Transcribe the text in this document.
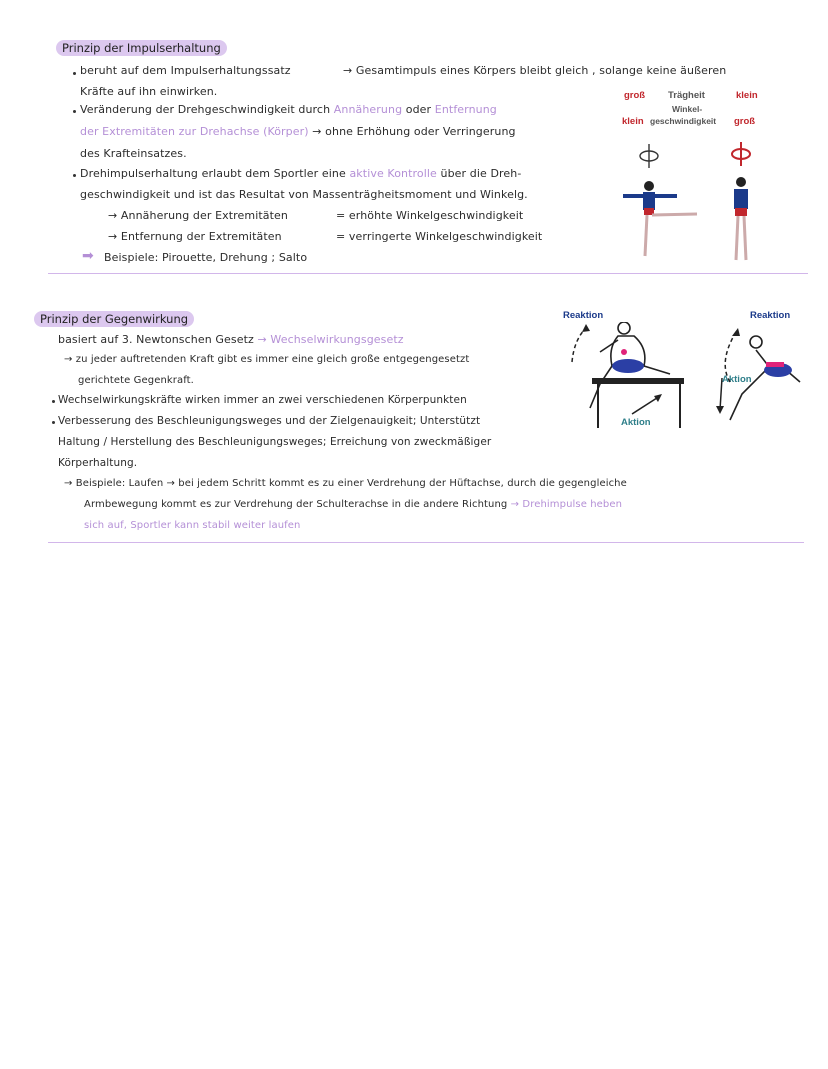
Prinzip der Impulserhaltung
beruht auf dem Impulserhaltungssatz	→ Gesamtimpuls eines Körpers bleibt gleich , solange keine äußeren
Kräfte auf ihn einwirken.
Veränderung der Drehgeschwindigkeit durch Annäherung oder Entfernung
der Extremitäten zur Drehachse (Körper) → ohne Erhöhung oder Verringerung
des Krafteinsatzes.
Drehimpulserhaltung erlaubt dem Sportler eine aktive Kontrolle über die Dreh-
geschwindigkeit und ist das Resultat von Massenträgheitsmoment und Winkelg.
→ Annäherung der Extremitäten	= erhöhte Winkelgeschwindigkeit
→ Entfernung der Extremitäten	= verringerte Winkelgeschwindigkeit
➡ Beispiele: Pirouette, Drehung ; Salto
groß Trägheit	klein
Winkel-
klein geschwindigkeit groß
Prinzip der Gegenwirkung
basiert auf 3. Newtonschen Gesetz → Wechselwirkungsgesetz
→ zu jeder auftretenden Kraft gibt es immer eine gleich große entgegengesetzt
gerichtete Gegenkraft.
Wechselwirkungskräfte wirken immer an zwei verschiedenen Körperpunkten
Verbesserung des Beschleunigungsweges und der Zielgenauigkeit; Unterstützt
Haltung / Herstellung des Beschleunigungsweges; Erreichung von zweckmäßiger
Körperhaltung.
→ Beispiele: Laufen → bei jedem Schritt kommt es zu einer Verdrehung der Hüftachse, durch die gegengleiche
Armbewegung kommt es zur Verdrehung der Schulterachse in die andere Richtung → Drehimpulse heben
sich auf, Sportler kann stabil weiter laufen
Reaktion
Aktion
Reaktion
Aktion
